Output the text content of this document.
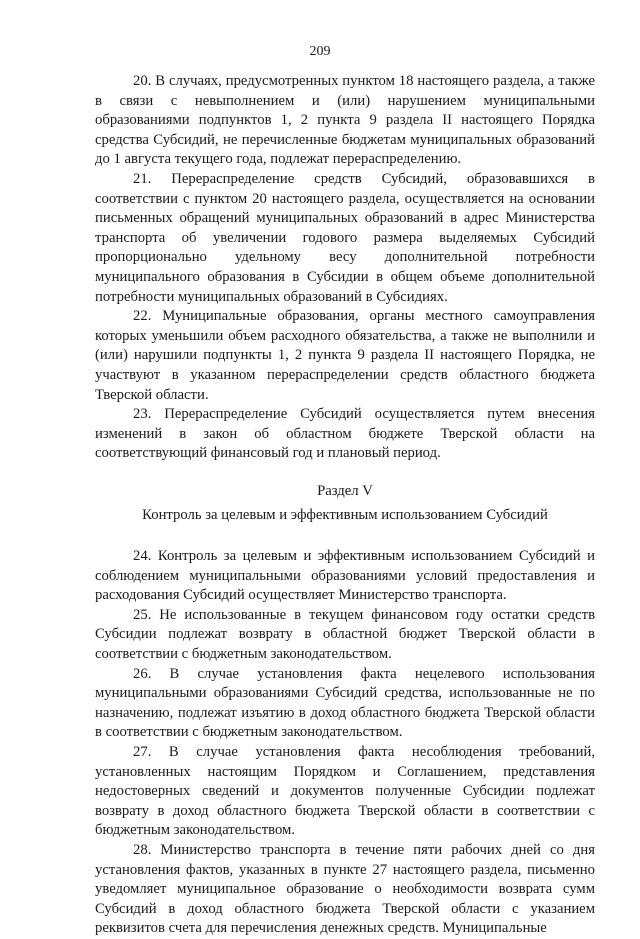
209

20. В случаях, предусмотренных пунктом 18 настоящего раздела, а также в связи с невыполнением и (или) нарушением муниципальными образованиями подпунктов 1, 2 пункта 9 раздела II настоящего Порядка средства Субсидий, не перечисленные бюджетам муниципальных образований до 1 августа текущего года, подлежат перераспределению.

21. Перераспределение средств Субсидий, образовавшихся в соответствии с пунктом 20 настоящего раздела, осуществляется на основании письменных обращений муниципальных образований в адрес Министерства транспорта об увеличении годового размера выделяемых Субсидий пропорционально удельному весу дополнительной потребности муниципального образования в Субсидии в общем объеме дополнительной потребности муниципальных образований в Субсидиях.

22. Муниципальные образования, органы местного самоуправления которых уменьшили объем расходного обязательства, а также не выполнили и (или) нарушили подпункты 1, 2 пункта 9 раздела II настоящего Порядка, не участвуют в указанном перераспределении средств областного бюджета Тверской области.

23. Перераспределение Субсидий осуществляется путем внесения изменений в закон об областном бюджете Тверской области на соответствующий финансовый год и плановый период.

Раздел V
Контроль за целевым и эффективным использованием Субсидий

24. Контроль за целевым и эффективным использованием Субсидий и соблюдением муниципальными образованиями условий предоставления и расходования Субсидий осуществляет Министерство транспорта.

25. Не использованные в текущем финансовом году остатки средств Субсидии подлежат возврату в областной бюджет Тверской области в соответствии с бюджетным законодательством.

26. В случае установления факта нецелевого использования муниципальными образованиями Субсидий средства, использованные не по назначению, подлежат изъятию в доход областного бюджета Тверской области в соответствии с бюджетным законодательством.

27. В случае установления факта несоблюдения требований, установленных настоящим Порядком и Соглашением, представления недостоверных сведений и документов полученные Субсидии подлежат возврату в доход областного бюджета Тверской области в соответствии с бюджетным законодательством.

28. Министерство транспорта в течение пяти рабочих дней со дня установления фактов, указанных в пункте 27 настоящего раздела, письменно уведомляет муниципальное образование о необходимости возврата сумм Субсидий в доход областного бюджета Тверской области с указанием реквизитов счета для перечисления денежных средств. Муниципальные
